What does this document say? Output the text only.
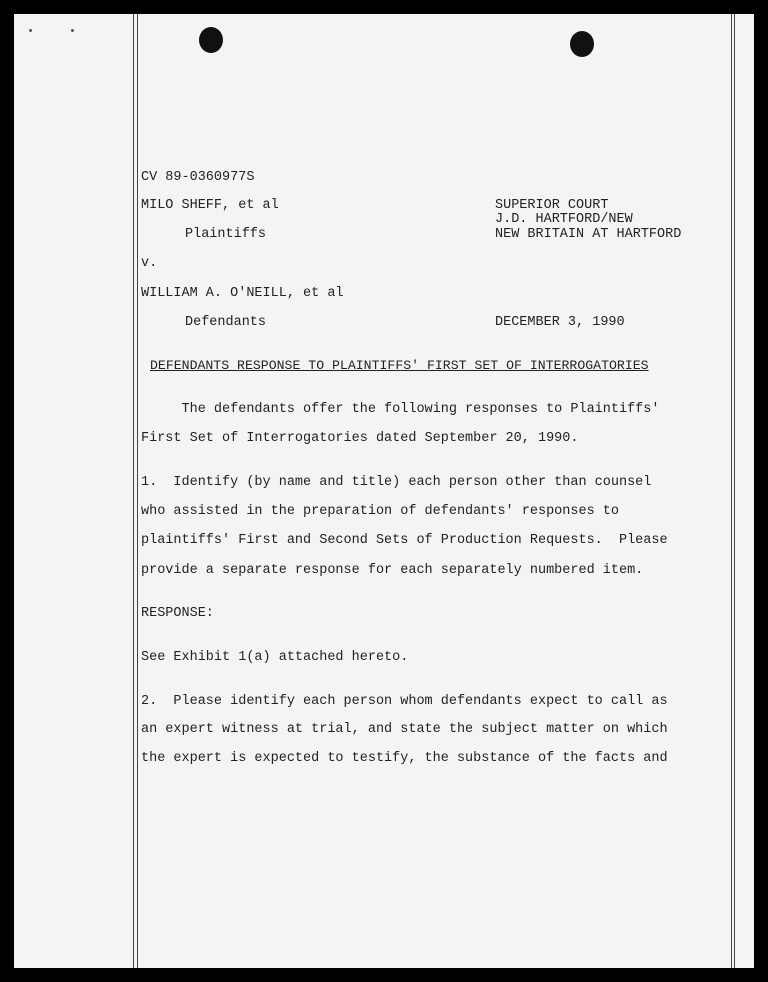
CV 89-0360977S
MILO SHEFF, et al	SUPERIOR COURT
J.D. HARTFORD/NEW
Plaintiffs	NEW BRITAIN AT HARTFORD
v.
WILLIAM A. O'NEILL, et al
Defendants	DECEMBER 3, 1990
DEFENDANTS RESPONSE TO PLAINTIFFS' FIRST SET OF INTERROGATORIES
The defendants offer the following responses to Plaintiffs'
First Set of Interrogatories dated September 20, 1990.
1.  Identify (by name and title) each person other than counsel
who assisted in the preparation of defendants' responses to
plaintiffs' First and Second Sets of Production Requests.  Please
provide a separate response for each separately numbered item.
RESPONSE:
See Exhibit 1(a) attached hereto.
2.  Please identify each person whom defendants expect to call as
an expert witness at trial, and state the subject matter on which
the expert is expected to testify, the substance of the facts and
